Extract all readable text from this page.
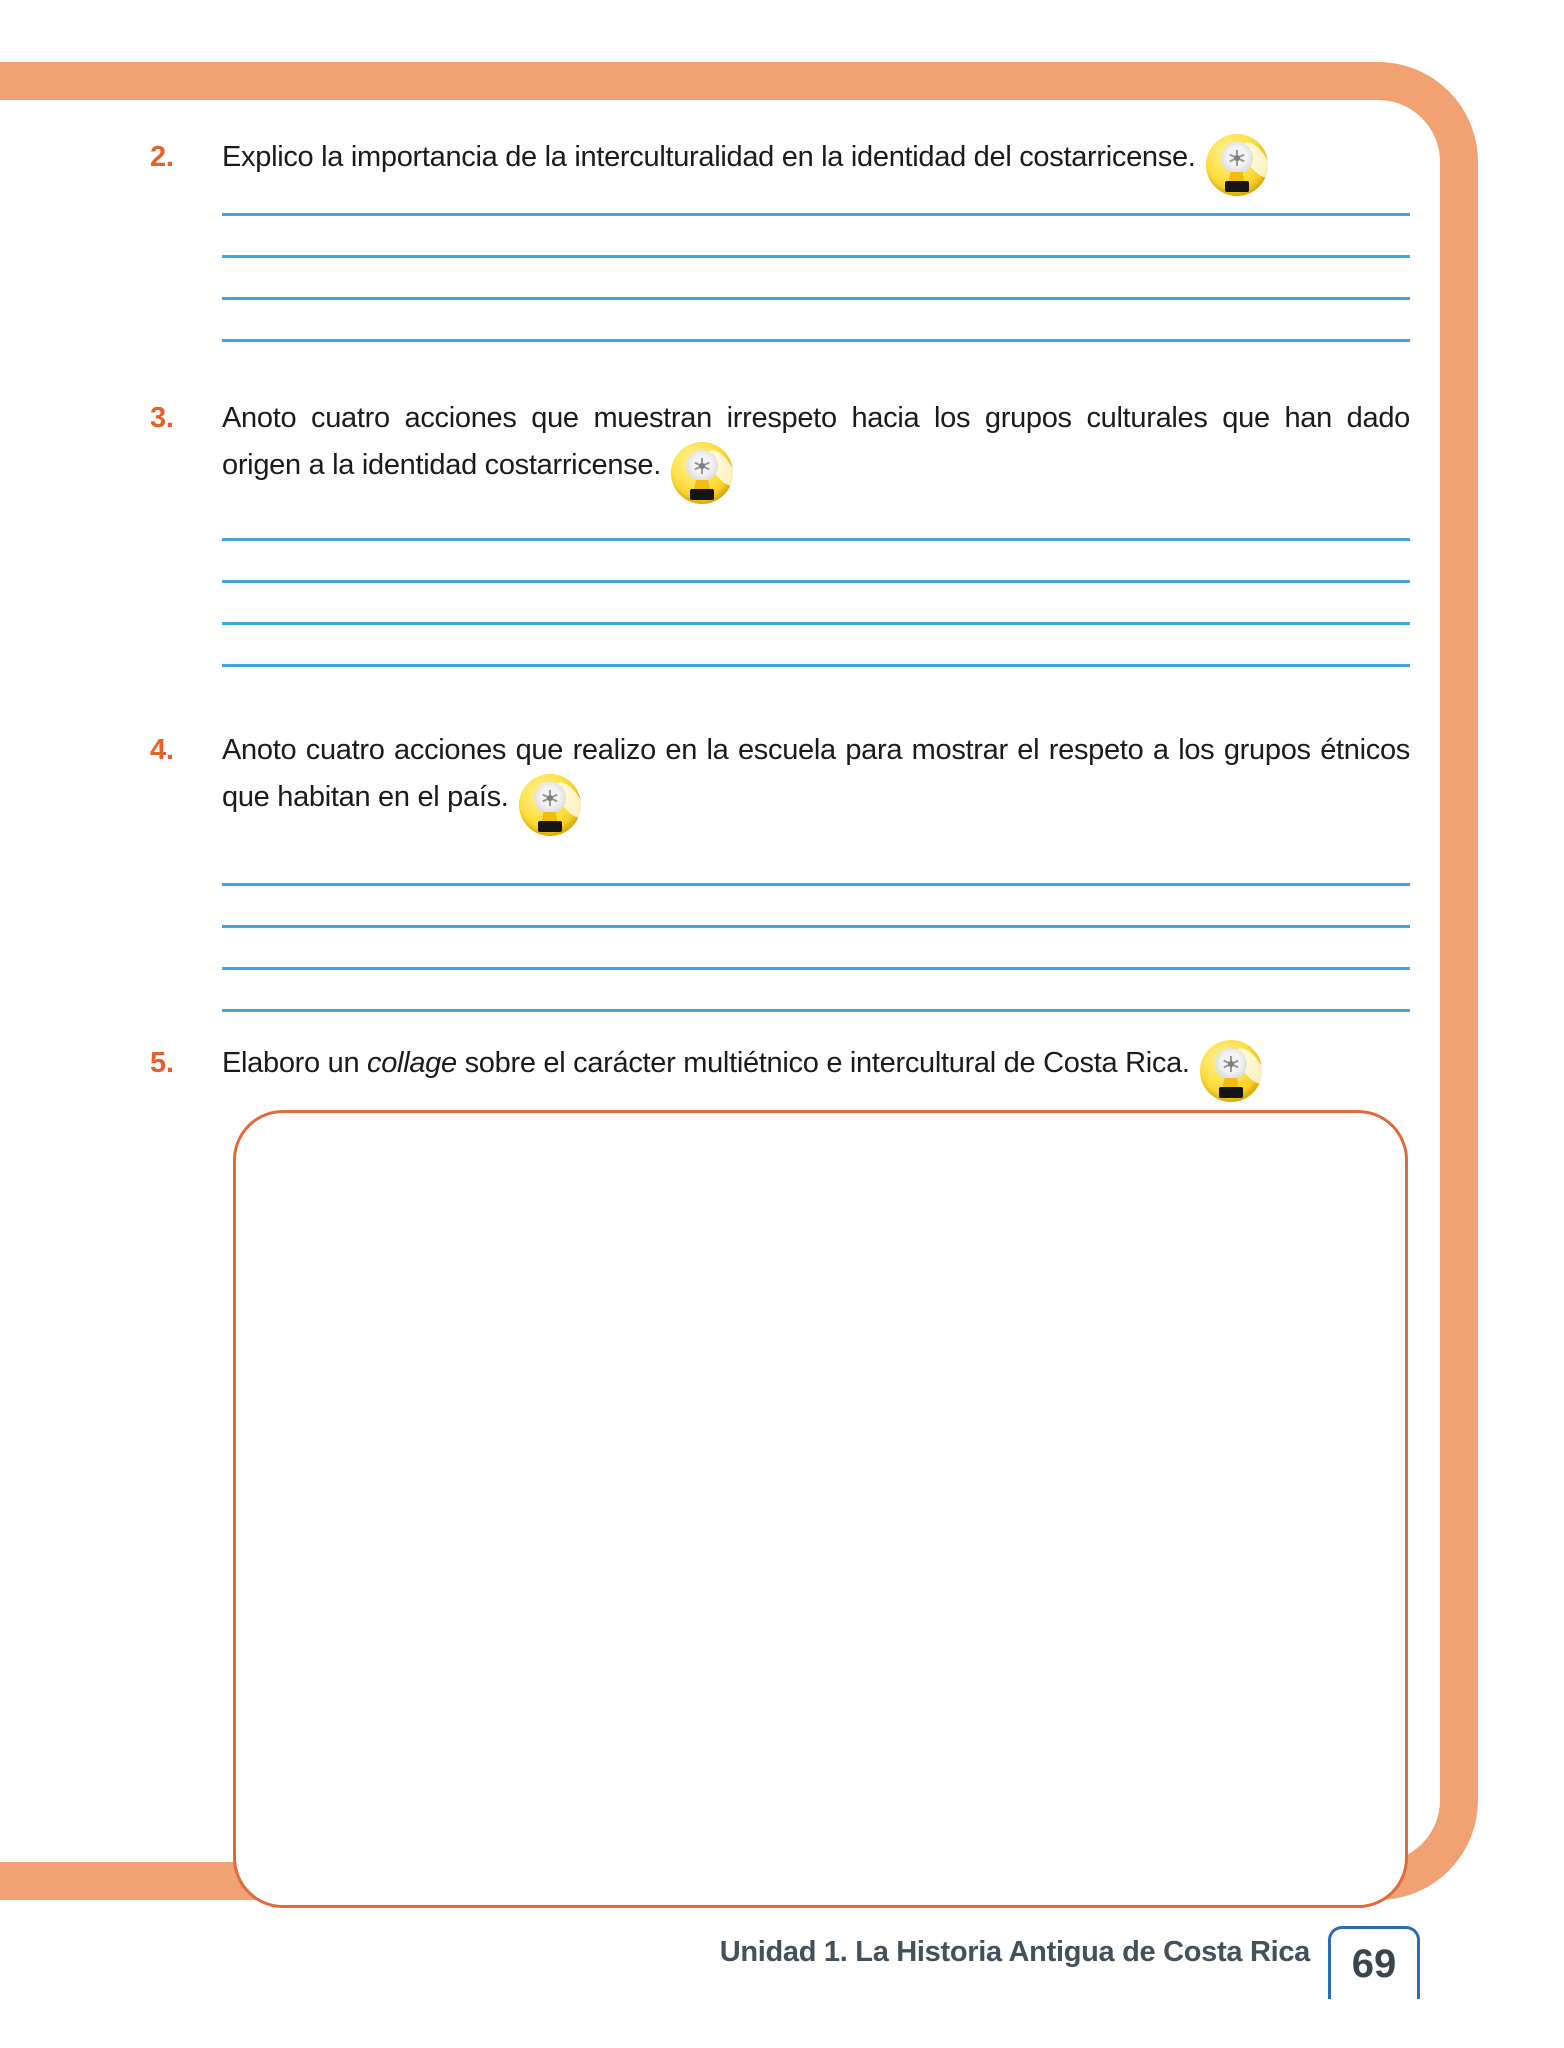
2.	Explico la importancia de la interculturalidad en la identidad del costarricense.
3.	Anoto cuatro acciones que muestran irrespeto hacia los grupos culturales que han dado origen a la identidad costarricense.
4.	Anoto cuatro acciones que realizo en la escuela para mostrar el respeto a los grupos étnicos que habitan en el país.
5.	Elaboro un collage sobre el carácter multiétnico e intercultural de Costa Rica.
Unidad 1. La Historia Antigua de Costa Rica 69
